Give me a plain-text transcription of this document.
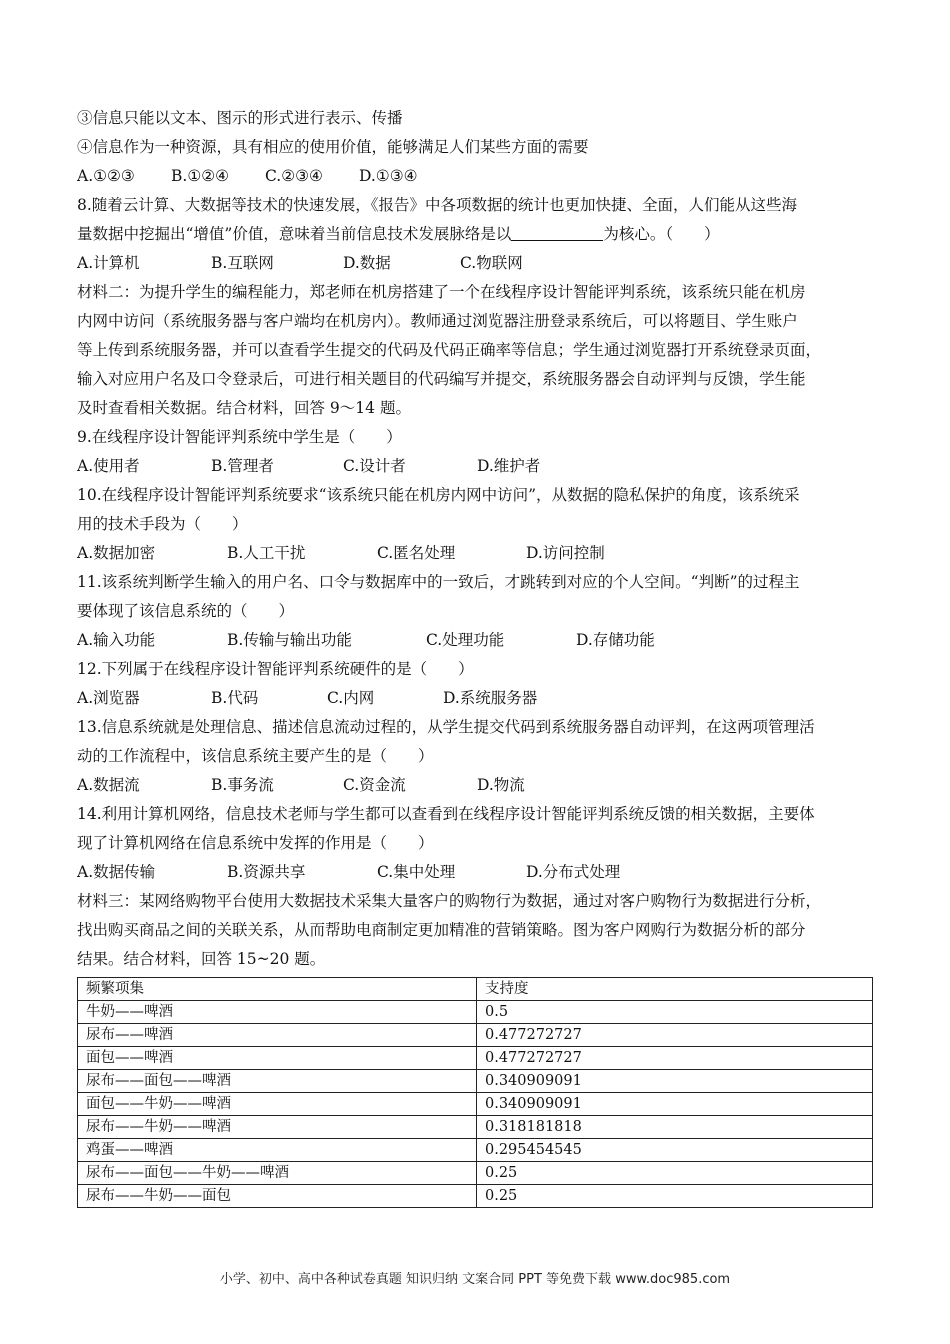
③信息只能以文本、图示的形式进行表示、传播
④信息作为一种资源，具有相应的使用价值，能够满足人们某些方面的需要
A.①②③	B.①②④	C.②③④	D.①③④
8.随着云计算、大数据等技术的快速发展，《报告》中各项数据的统计也更加快捷、全面，人们能从这些海
量数据中挖掘出“增值”价值，意味着当前信息技术发展脉络是以	为核心。（　　）
A.计算机	B.互联网	D.数据	C.物联网
材料二：为提升学生的编程能力，郑老师在机房搭建了一个在线程序设计智能评判系统，该系统只能在机房
内网中访问（系统服务器与客户端均在机房内）。教师通过浏览器注册登录系统后，可以将题目、学生账户
等上传到系统服务器，并可以查看学生提交的代码及代码正确率等信息；学生通过浏览器打开系统登录页面，
输入对应用户名及口令登录后，可进行相关题目的代码编写并提交，系统服务器会自动评判与反馈，学生能
及时查看相关数据。结合材料，回答 9～14 题。
9.在线程序设计智能评判系统中学生是（　　）
A.使用者	B.管理者	C.设计者	D.维护者
10.在线程序设计智能评判系统要求“该系统只能在机房内网中访问”，从数据的隐私保护的角度，该系统采
用的技术手段为（　　）
A.数据加密	B.人工干扰	C.匿名处理	D.访问控制
11.该系统判断学生输入的用户名、口令与数据库中的一致后，才跳转到对应的个人空间。“判断”的过程主
要体现了该信息系统的（　　）
A.输入功能	B.传输与输出功能	C.处理功能	D.存储功能
12.下列属于在线程序设计智能评判系统硬件的是（　　）
A.浏览器	B.代码	C.内网	D.系统服务器
13.信息系统就是处理信息、描述信息流动过程的，从学生提交代码到系统服务器自动评判，在这两项管理活
动的工作流程中，该信息系统主要产生的是（　　）
A.数据流	B.事务流	C.资金流	D.物流
14.利用计算机网络，信息技术老师与学生都可以查看到在线程序设计智能评判系统反馈的相关数据，主要体
现了计算机网络在信息系统中发挥的作用是（　　）
A.数据传输	B.资源共享	C.集中处理	D.分布式处理
材料三：某网络购物平台使用大数据技术采集大量客户的购物行为数据，通过对客户购物行为数据进行分析，
找出购买商品之间的关联关系，从而帮助电商制定更加精准的营销策略。图为客户网购行为数据分析的部分
结果。结合材料，回答 15~20 题。
频繁项集	支持度
牛奶——啤酒	0.5
尿布——啤酒	0.477272727
面包——啤酒	0.477272727
尿布——面包——啤酒	0.340909091
面包——牛奶——啤酒	0.340909091
尿布——牛奶——啤酒	0.318181818
鸡蛋——啤酒	0.295454545
尿布——面包——牛奶——啤酒	0.25
尿布——牛奶——面包	0.25
小学、初中、高中各种试卷真题 知识归纳 文案合同 PPT 等免费下载 www.doc985.com
